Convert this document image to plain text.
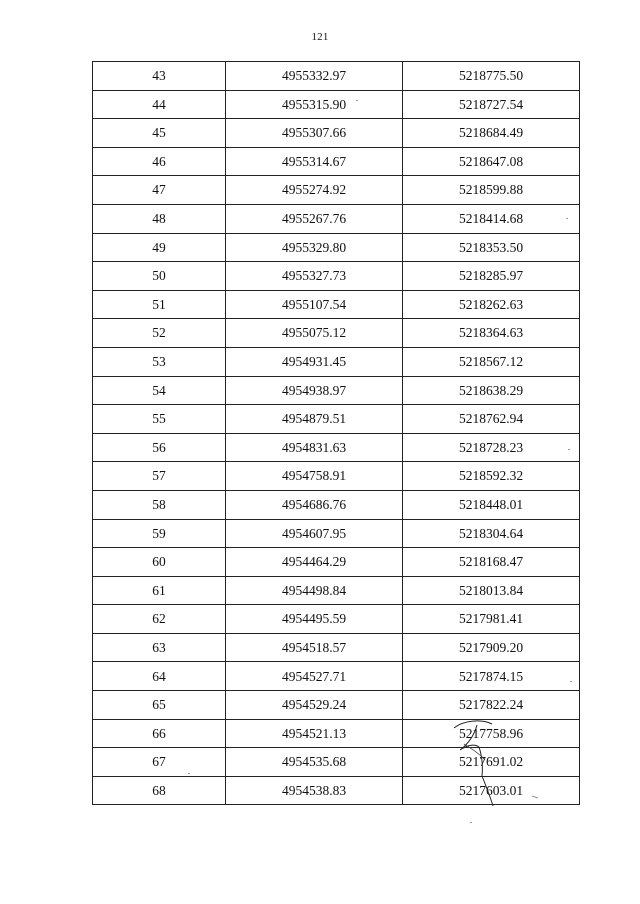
121
43	4955332.97	5218775.50
44	4955315.90	5218727.54
45	4955307.66	5218684.49
46	4955314.67	5218647.08
47	4955274.92	5218599.88
48	4955267.76	5218414.68
49	4955329.80	5218353.50
50	4955327.73	5218285.97
51	4955107.54	5218262.63
52	4955075.12	5218364.63
53	4954931.45	5218567.12
54	4954938.97	5218638.29
55	4954879.51	5218762.94
56	4954831.63	5218728.23
57	4954758.91	5218592.32
58	4954686.76	5218448.01
59	4954607.95	5218304.64
60	4954464.29	5218168.47
61	4954498.84	5218013.84
62	4954495.59	5217981.41
63	4954518.57	5217909.20
64	4954527.71	5217874.15
65	4954529.24	5217822.24
66	4954521.13	5217758.96
67	4954535.68	5217691.02
68	4954538.83	5217603.01
